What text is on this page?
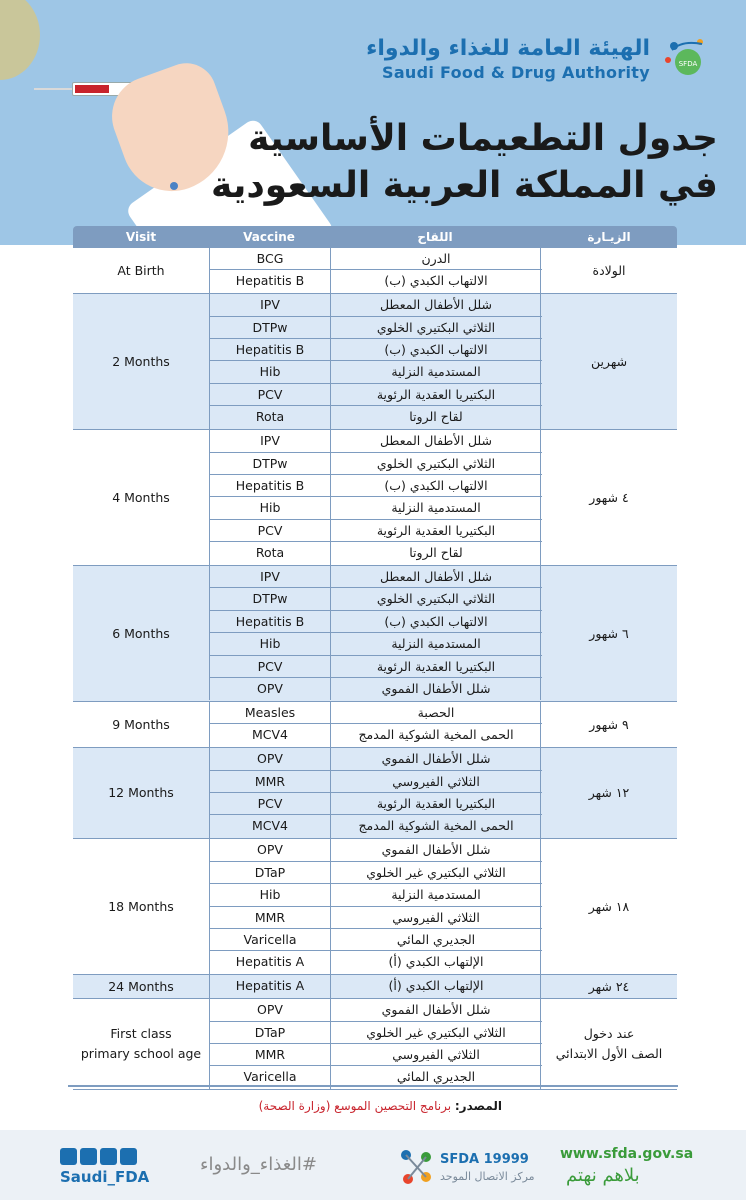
الهيئة العامة للغذاء والدواء
Saudi Food & Drug Authority	SFDA
جدول التطعيمات الأساسية
في المملكة العربية السعودية
Visit	Vaccine	اللقاح	الزيـارة
At Birth
BCG	الدرن
Hepatitis B	الالتهاب الكبدي (ب)
الولادة
2 Months
IPV	شلل الأطفال المعطل
DTPw	الثلاثي البكتيري الخلوي
Hepatitis B	الالتهاب الكبدي (ب)
Hib	المستدمية النزلية
PCV	البكتيريا العقدية الرئوية
Rota	لقاح الروتا
شهرين
4 Months
IPV	شلل الأطفال المعطل
DTPw	الثلاثي البكتيري الخلوي
Hepatitis B	الالتهاب الكبدي (ب)
Hib	المستدمية النزلية
PCV	البكتيريا العقدية الرئوية
Rota	لقاح الروتا
٤ شهور
6 Months
IPV	شلل الأطفال المعطل
DTPw	الثلاثي البكتيري الخلوي
Hepatitis B	الالتهاب الكبدي (ب)
Hib	المستدمية النزلية
PCV	البكتيريا العقدية الرئوية
OPV	شلل الأطفال الفموي
٦ شهور
9 Months
Measles	الحصبة
MCV4	الحمى المخية الشوكية المدمج
٩ شهور
12 Months
OPV	شلل الأطفال الفموي
MMR	الثلاثي الفيروسي
PCV	البكتيريا العقدية الرئوية
MCV4	الحمى المخية الشوكية المدمج
١٢ شهر
18 Months
OPV	شلل الأطفال الفموي
DTaP	الثلاثي البكتيري غير الخلوي
Hib	المستدمية النزلية
MMR	الثلاثي الفيروسي
Varicella	الجديري المائي
Hepatitis A	الإلتهاب الكبدي (أ)
١٨ شهر
24 Months	Hepatitis A	الإلتهاب الكبدي (أ)	٢٤ شهر
First class
primary school age
OPV	شلل الأطفال الفموي
DTaP	الثلاثي البكتيري غير الخلوي
MMR	الثلاثي الفيروسي
Varicella	الجديري المائي
عند دخول
الصف الأول الابتدائي
المصدر: برنامج التحصين الموسع (وزارة الصحة)
Saudi_FDA
#الغذاء_والدواء	SFDA 19999
مركز الاتصال الموحد
www.sfda.gov.sa
بلاهم نهتم
